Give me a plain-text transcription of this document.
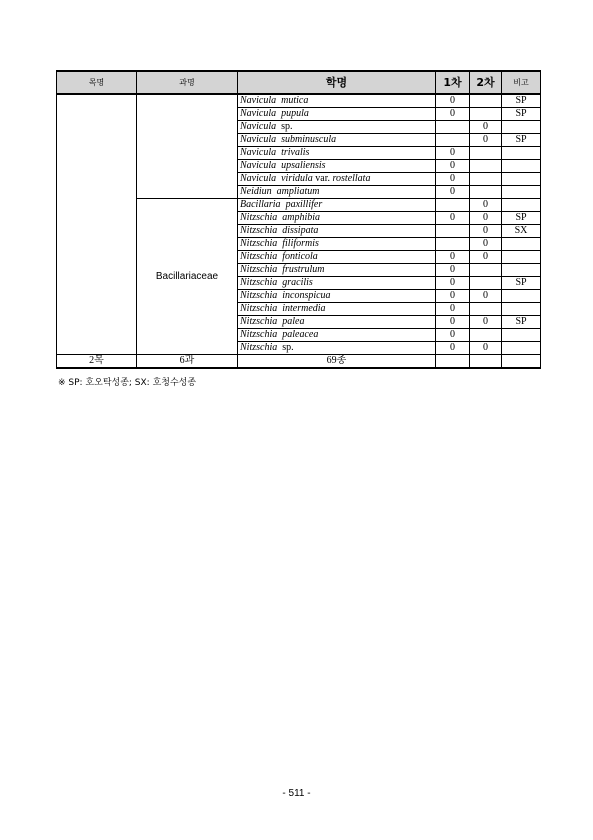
목명	과명	학명	1차	2차	비고
		Navicula mutica	0		SP
		Navicula pupula	0		SP
		Navicula sp.		0	
		Navicula subminuscula		0	SP
		Navicula trivalis	0		
		Navicula upsaliensis	0		
		Navicula viridula var. rostellata	0		
		Neidiun ampliatum	0		
	Bacillariaceae	Bacillaria paxillifer		0	
		Nitzschia amphibia	0	0	SP
		Nitzschia dissipata		0	SX
		Nitzschia filiformis		0	
		Nitzschia fonticola	0	0	
		Nitzschia frustrulum	0		
		Nitzschia gracilis	0		SP
		Nitzschia inconspicua	0	0	
		Nitzschia intermedia	0		
		Nitzschia palea	0	0	SP
		Nitzschia paleacea	0		
		Nitzschia sp.	0	0	
2목	6과	69종			
※ SP: 호오탁성종; SX: 호청수성종
- 511 -
